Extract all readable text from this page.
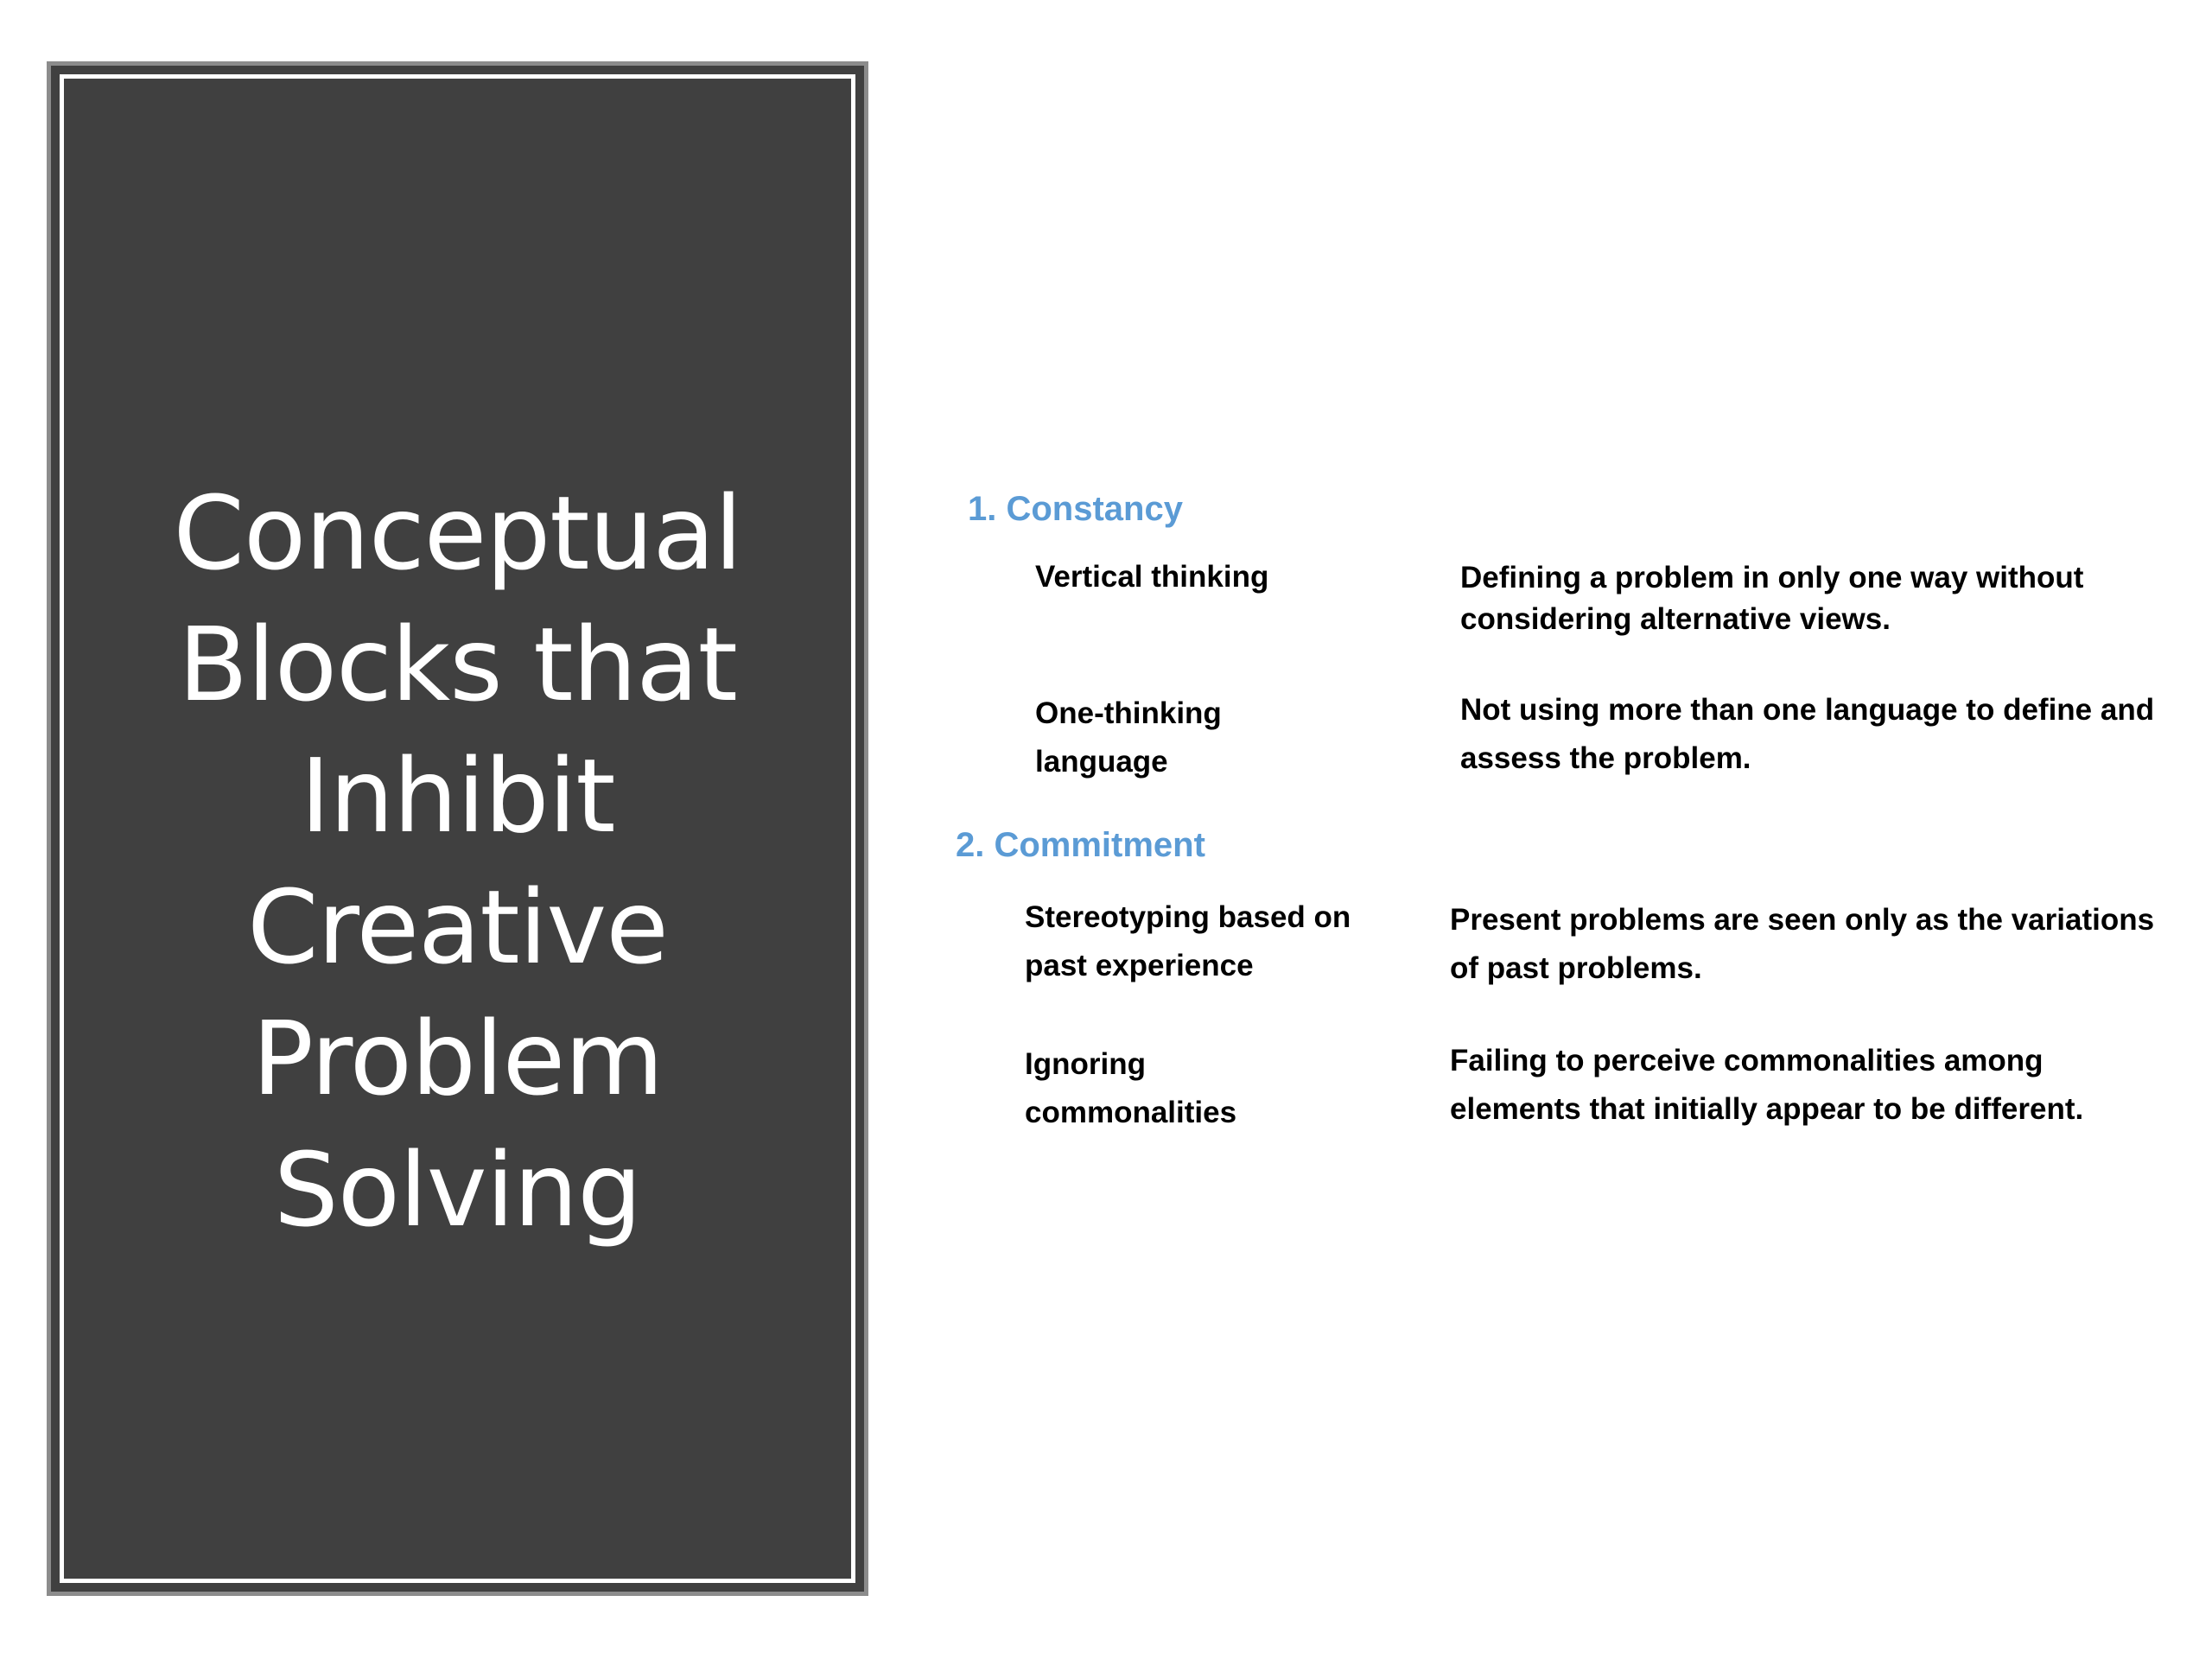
Conceptual Blocks that Inhibit Creative Problem Solving
1. Constancy

Vertical thinking	Defining a problem in only one way without considering alternative views.

One-thinking language

Not using more than one language to define and assess the problem.

2. Commitment

Stereotyping based on past experience

Present problems are seen only as the variations of past problems.

Ignoring commonalities

Failing to perceive commonalities among elements that initially appear to be different.
